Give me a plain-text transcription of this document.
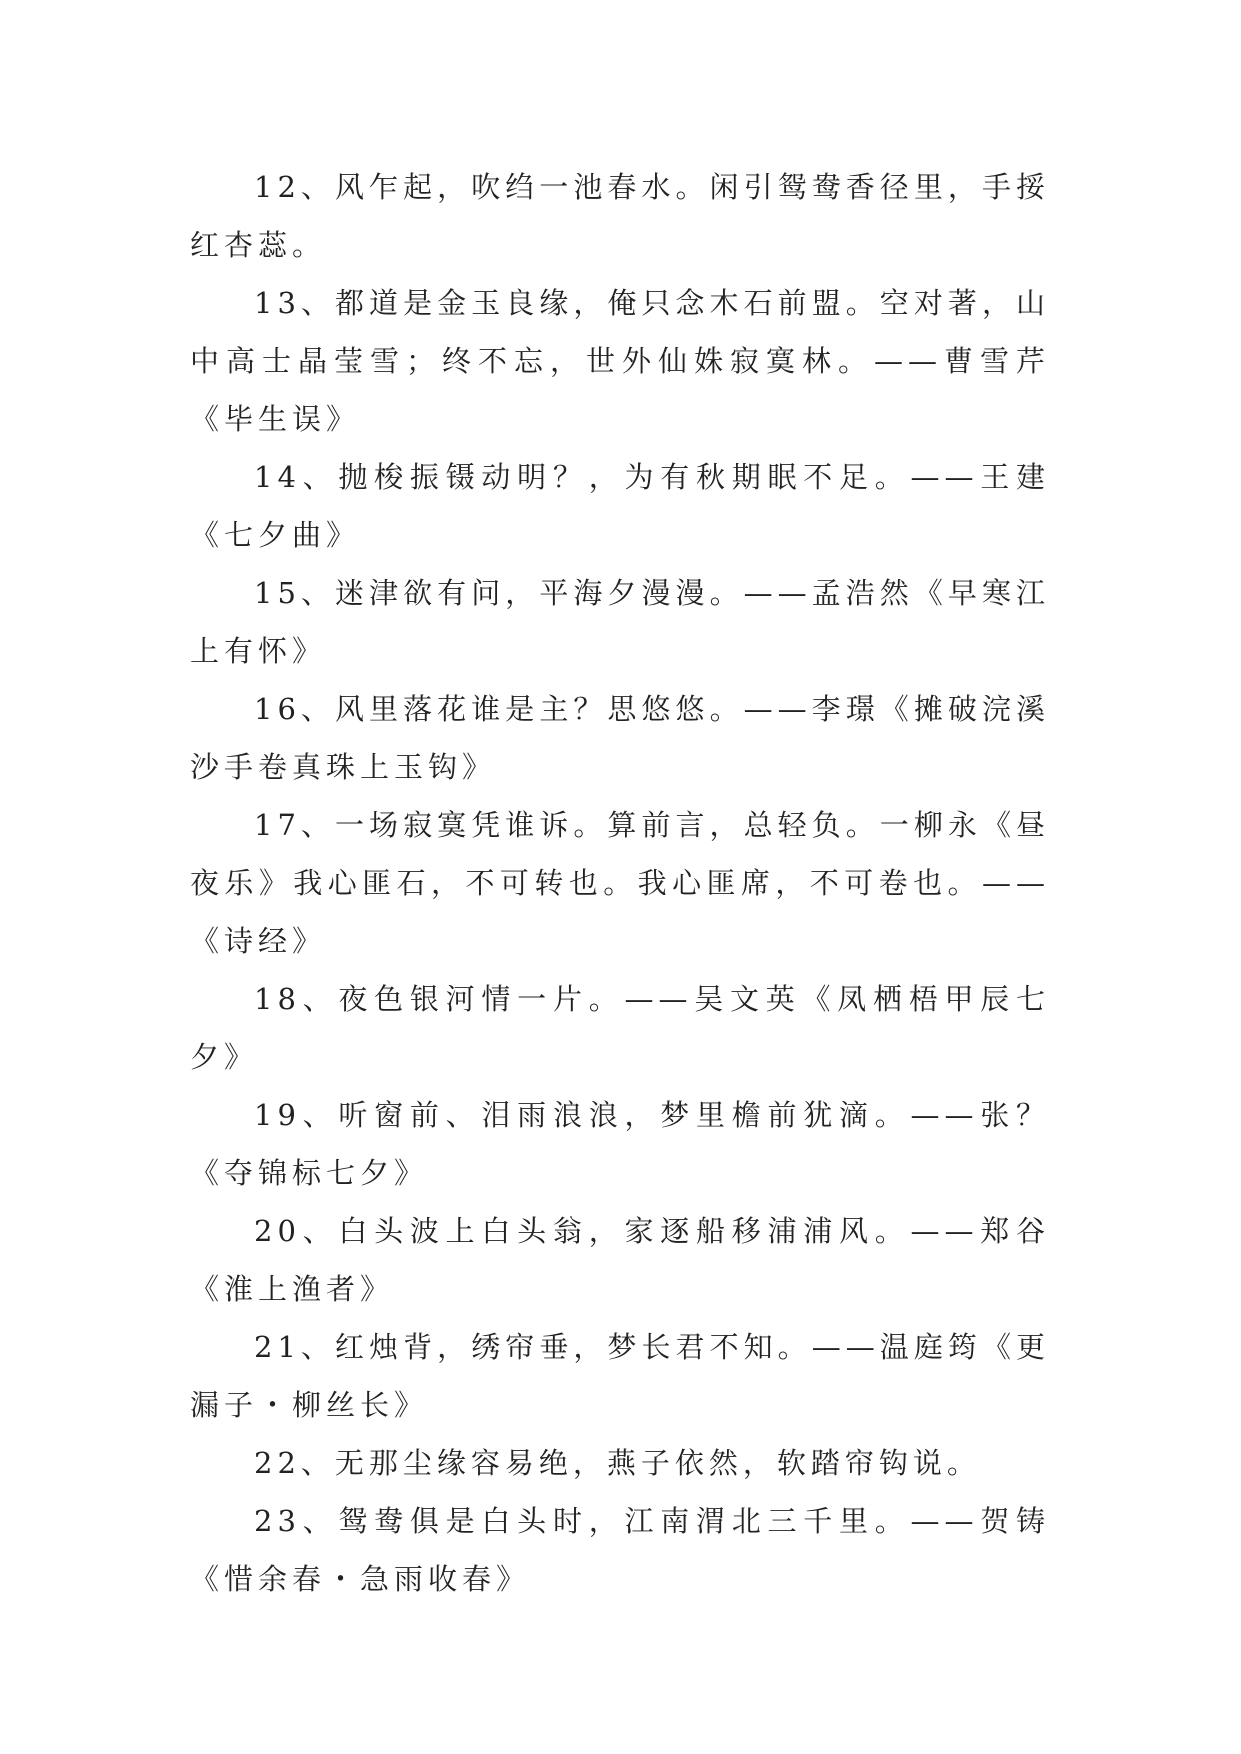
12、风乍起，吹绉一池春水。闲引鸳鸯香径里，手挼红杏蕊。

13、都道是金玉良缘，俺只念木石前盟。空对著，山中高士晶莹雪；终不忘，世外仙姝寂寞林。——曹雪芹《毕生误》

14、抛梭振镊动明？，为有秋期眠不足。——王建《七夕曲》

15、迷津欲有问，平海夕漫漫。——孟浩然《早寒江上有怀》

16、风里落花谁是主？思悠悠。——李璟《摊破浣溪沙手卷真珠上玉钩》

17、一场寂寞凭谁诉。算前言，总轻负。一柳永《昼夜乐》我心匪石，不可转也。我心匪席，不可卷也。——《诗经》

18、夜色银河情一片。——吴文英《凤栖梧甲辰七夕》

19、听窗前、泪雨浪浪，梦里檐前犹滴。——张？《夺锦标七夕》

20、白头波上白头翁，家逐船移浦浦风。——郑谷《淮上渔者》

21、红烛背，绣帘垂，梦长君不知。——温庭筠《更漏子・柳丝长》

22、无那尘缘容易绝，燕子依然，软踏帘钩说。

23、鸳鸯俱是白头时，江南渭北三千里。——贺铸《惜余春・急雨收春》
